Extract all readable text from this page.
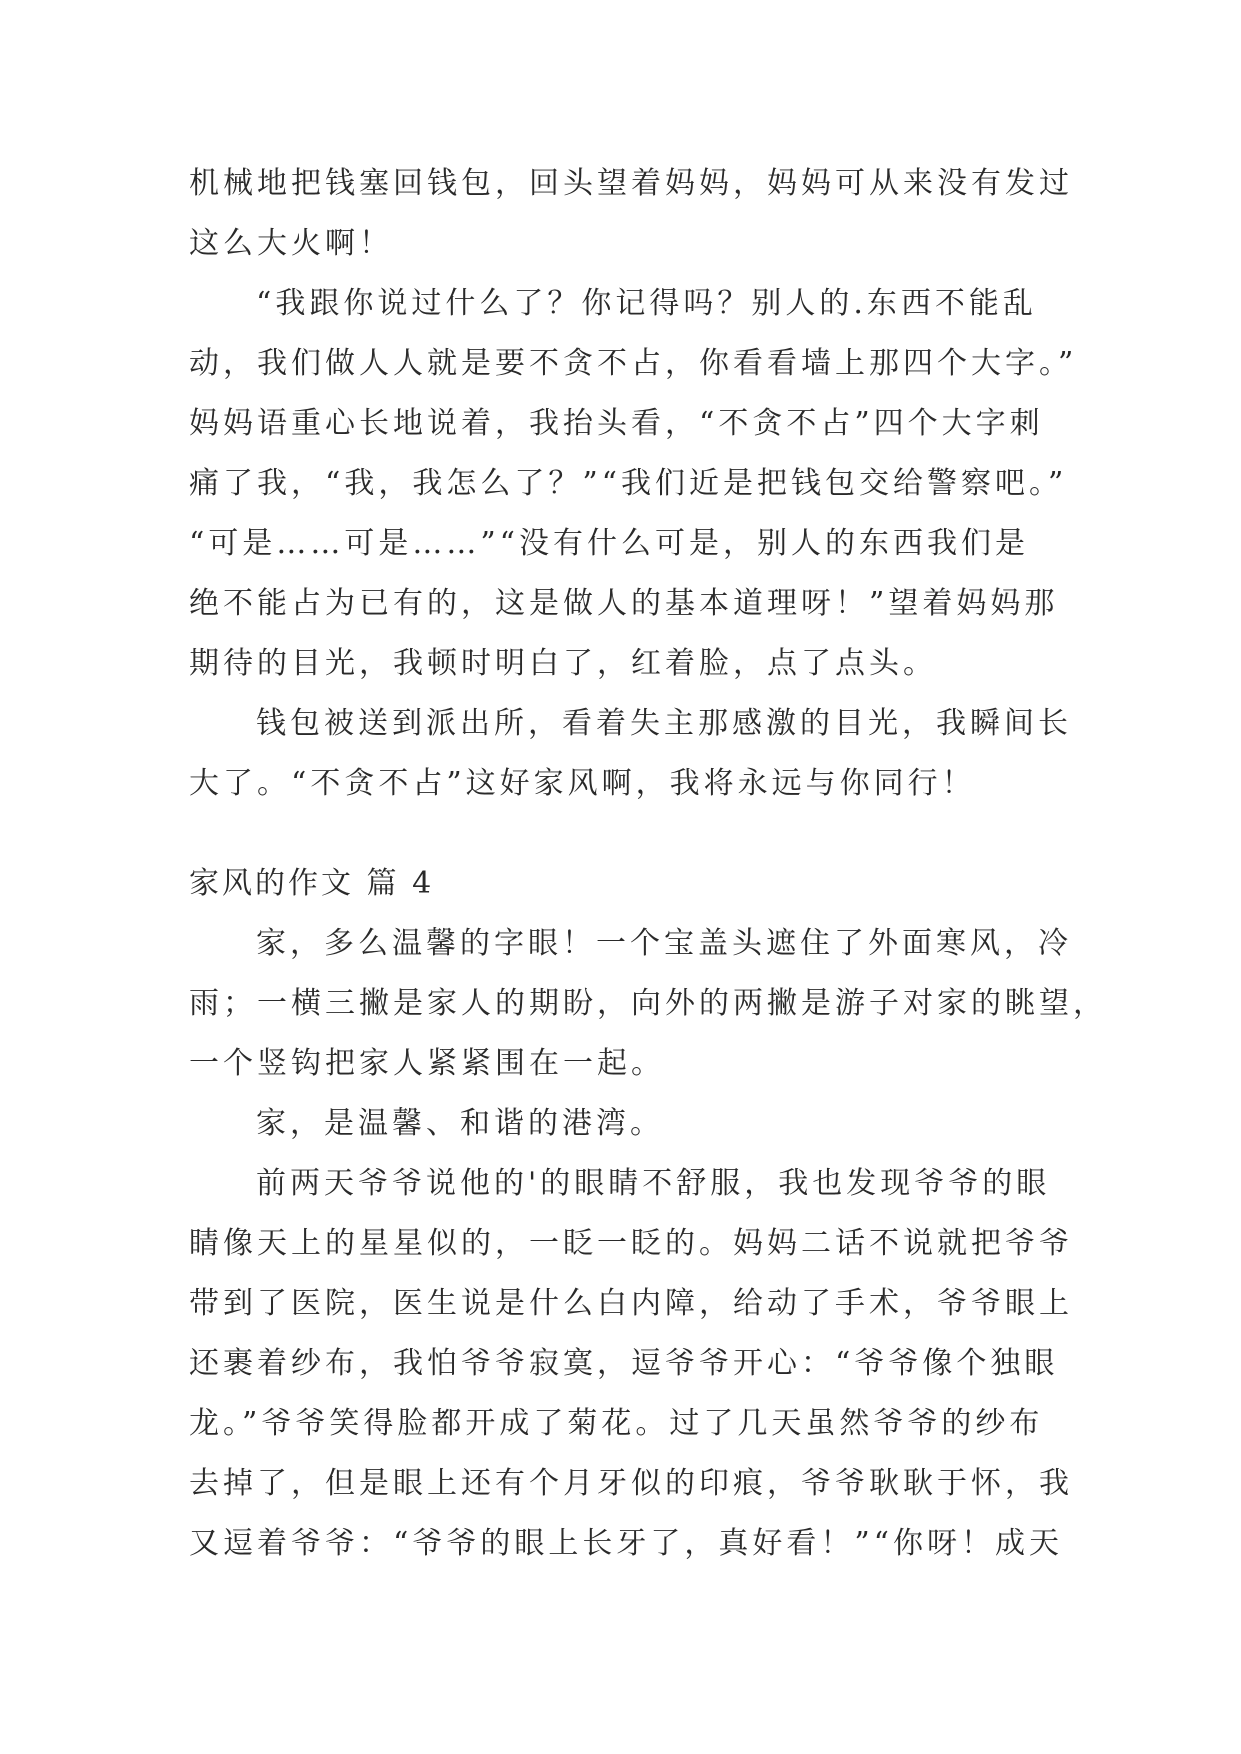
机械地把钱塞回钱包，回头望着妈妈，妈妈可从来没有发过
这么大火啊！
“我跟你说过什么了？你记得吗？别人的.东西不能乱
动，我们做人人就是要不贪不占，你看看墙上那四个大字。”
妈妈语重心长地说着，我抬头看，“不贪不占”四个大字刺
痛了我，“我，我怎么了？”“我们近是把钱包交给警察吧。”
“可是……可是……”“没有什么可是，别人的东西我们是
绝不能占为已有的，这是做人的基本道理呀！”望着妈妈那
期待的目光，我顿时明白了，红着脸，点了点头。
钱包被送到派出所，看着失主那感激的目光，我瞬间长
大了。“不贪不占”这好家风啊，我将永远与你同行！
家风的作文 篇 4
家，多么温馨的字眼！一个宝盖头遮住了外面寒风，冷
雨；一横三撇是家人的期盼，向外的两撇是游子对家的眺望，
一个竖钩把家人紧紧围在一起。
家，是温馨、和谐的港湾。
前两天爷爷说他的'的眼睛不舒服，我也发现爷爷的眼
睛像天上的星星似的，一眨一眨的。妈妈二话不说就把爷爷
带到了医院，医生说是什么白内障，给动了手术，爷爷眼上
还裹着纱布，我怕爷爷寂寞，逗爷爷开心：“爷爷像个独眼
龙。”爷爷笑得脸都开成了菊花。过了几天虽然爷爷的纱布
去掉了，但是眼上还有个月牙似的印痕，爷爷耿耿于怀，我
又逗着爷爷：“爷爷的眼上长牙了，真好看！”“你呀！成天
